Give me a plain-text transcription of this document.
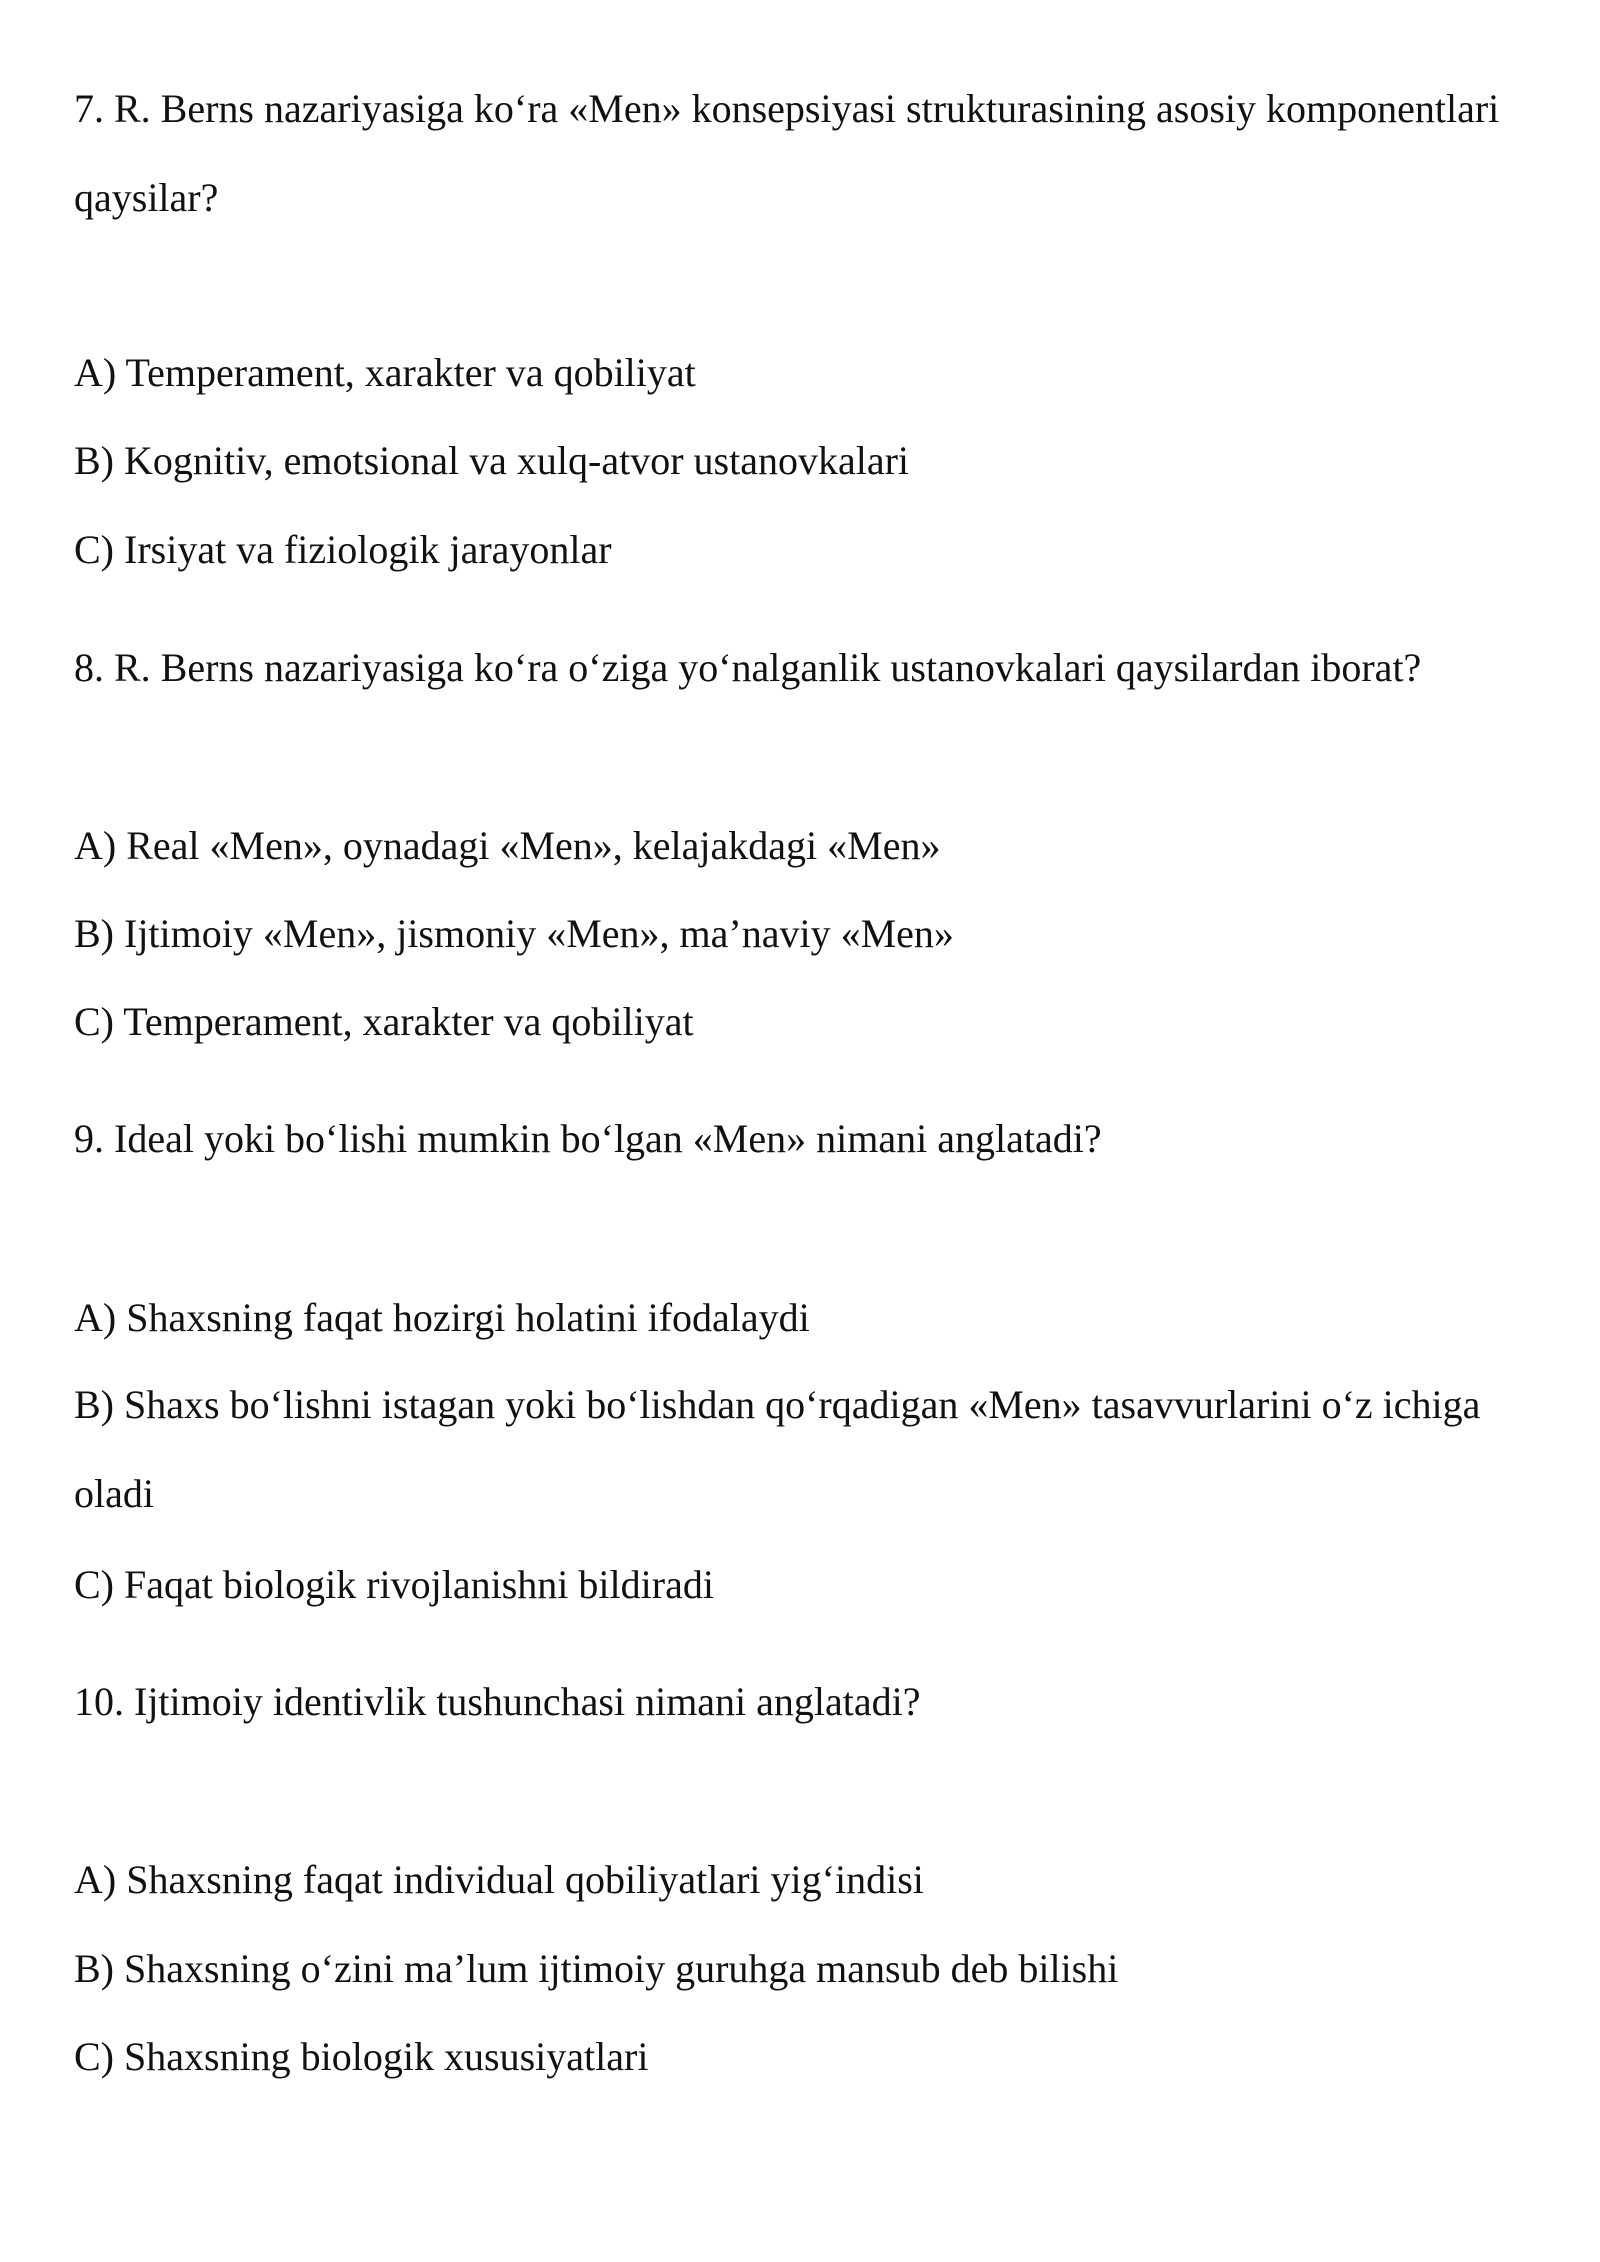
7. R. Berns nazariyasiga ko‘ra «Men» konsepsiyasi strukturasining asosiy komponentlari qaysilar?
A) Temperament, xarakter va qobiliyat
B) Kognitiv, emotsional va xulq-atvor ustanovkalari
C) Irsiyat va fiziologik jarayonlar
8. R. Berns nazariyasiga ko‘ra o‘ziga yo‘nalganlik ustanovkalari qaysilardan iborat?
A) Real «Men», oynadagi «Men», kelajakdagi «Men»
B) Ijtimoiy «Men», jismoniy «Men», ma’naviy «Men»
C) Temperament, xarakter va qobiliyat
9. Ideal yoki bo‘lishi mumkin bo‘lgan «Men» nimani anglatadi?
A) Shaxsning faqat hozirgi holatini ifodalaydi
B) Shaxs bo‘lishni istagan yoki bo‘lishdan qo‘rqadigan «Men» tasavvurlarini o‘z ichiga oladi
C) Faqat biologik rivojlanishni bildiradi
10. Ijtimoiy identivlik tushunchasi nimani anglatadi?
A) Shaxsning faqat individual qobiliyatlari yig‘indisi
B) Shaxsning o‘zini ma’lum ijtimoiy guruhga mansub deb bilishi
C) Shaxsning biologik xususiyatlari
